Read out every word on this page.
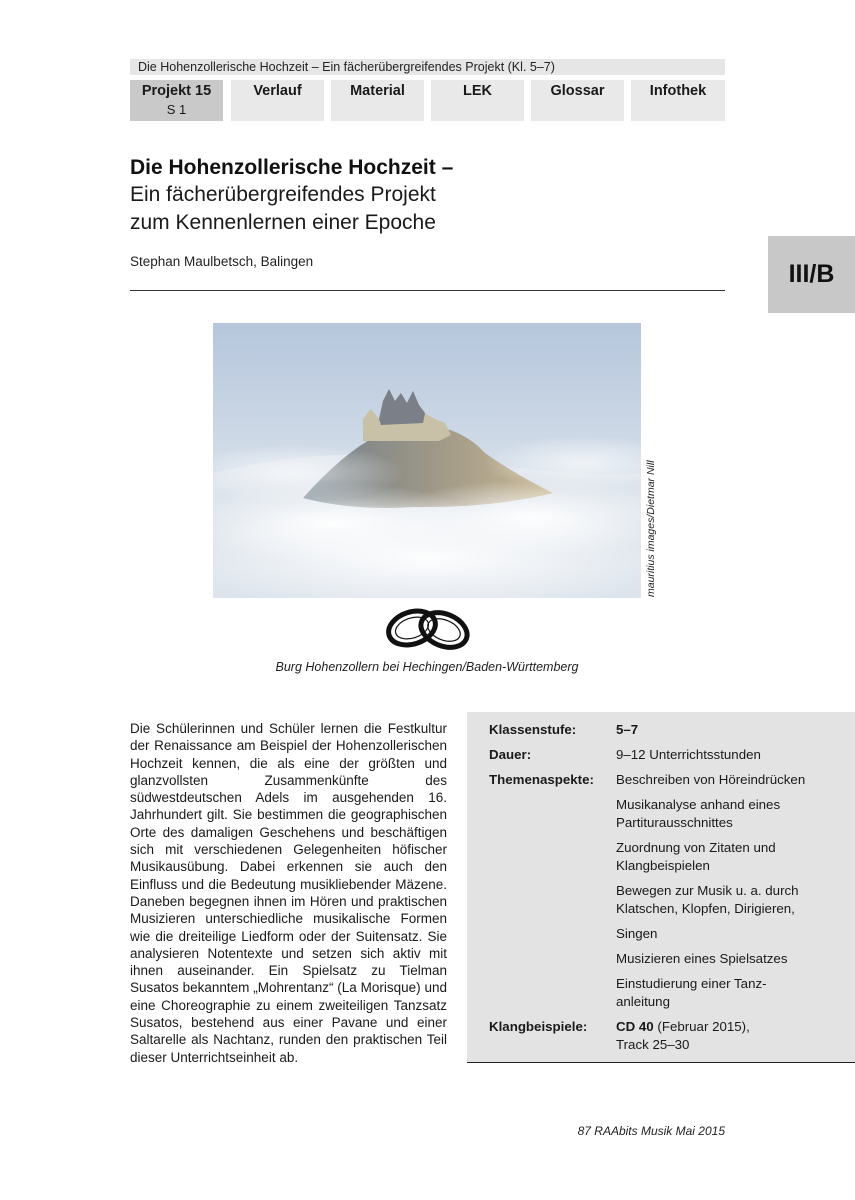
Die Hohenzollerische Hochzeit – Ein fächerübergreifendes Projekt (Kl. 5–7)
Projekt 15
S 1
Verlauf	Material	LEK	Glossar	Infothek
Die Hohenzollerische Hochzeit –
Ein fächerübergreifendes Projekt
zum Kennenlernen einer Epoche
Stephan Maulbetsch, Balingen	III/B
mauritius images/Dietmar Nill
Burg Hohenzollern bei Hechingen/Baden-Württemberg

Die Schülerinnen und Schüler lernen die Festkultur der Renaissance am Beispiel der Hohenzollerischen Hochzeit kennen, die als eine der größten und glanzvollsten Zusammenkünfte des südwestdeutschen Adels im ausgehenden 16. Jahrhundert gilt. Sie bestimmen die geographischen Orte des damaligen Geschehens und beschäftigen sich mit verschiedenen Gelegenheiten höfischer Musikausübung. Dabei erkennen sie auch den Einfluss und die Bedeutung musikliebender Mäzene. Daneben begegnen ihnen im Hören und praktischen Musizieren unterschiedliche musikalische Formen wie die dreiteilige Liedform oder der Suitensatz. Sie analysieren Notentexte und setzen sich aktiv mit ihnen auseinander. Ein Spielsatz zu Tielman Susatos bekanntem „Mohrentanz“ (La Morisque) und eine Choreographie zu einem zweiteiligen Tanzsatz Susatos, bestehend aus einer Pavane und einer Saltarelle als Nachtanz, runden den praktischen Teil dieser Unterrichtseinheit ab.

Klassenstufe:	5–7
Dauer:	9–12 Unterrichtsstunden
Themenaspekte: Beschreiben von Höreindrücken
Musikanalyse anhand eines
Partiturausschnittes
Zuordnung von Zitaten und
Klangbeispielen
Bewegen zur Musik u. a. durch
Klatschen, Klopfen, Dirigieren,
Singen
Musizieren eines Spielsatzes
Einstudierung einer Tanz-
anleitung
Klangbeispiele: CD 40 (Februar 2015),
Track 25–30
87 RAAbits Musik Mai 2015
